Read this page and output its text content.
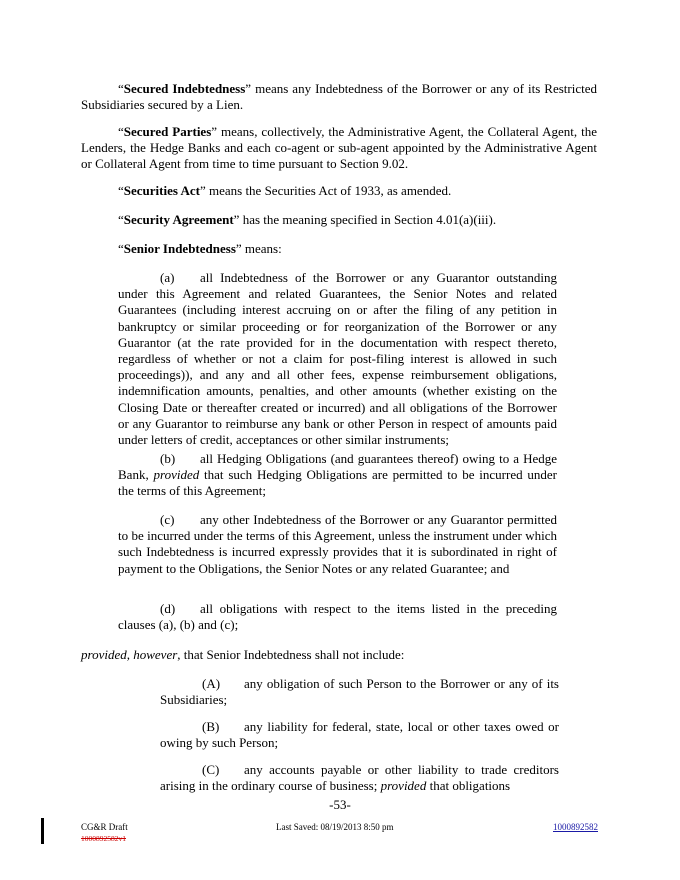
“Secured Indebtedness” means any Indebtedness of the Borrower or any of its Restricted Subsidiaries secured by a Lien.

“Secured Parties” means, collectively, the Administrative Agent, the Collateral Agent, the Lenders, the Hedge Banks and each co-agent or sub-agent appointed by the Administrative Agent or Collateral Agent from time to time pursuant to Section 9.02.

“Securities Act” means the Securities Act of 1933, as amended.

“Security Agreement” has the meaning specified in Section 4.01(a)(iii).

“Senior Indebtedness” means:

(a) all Indebtedness of the Borrower or any Guarantor outstanding under this Agreement and related Guarantees, the Senior Notes and related Guarantees (including interest accruing on or after the filing of any petition in bankruptcy or similar proceeding or for reorganization of the Borrower or any Guarantor (at the rate provided for in the documentation with respect thereto, regardless of whether or not a claim for post-filing interest is allowed in such proceedings)), and any and all other fees, expense reimbursement obligations, indemnification amounts, penalties, and other amounts (whether existing on the Closing Date or thereafter created or incurred) and all obligations of the Borrower or any Guarantor to reimburse any bank or other Person in respect of amounts paid under letters of credit, acceptances or other similar instruments;

(b) all Hedging Obligations (and guarantees thereof) owing to a Hedge Bank, provided that such Hedging Obligations are permitted to be incurred under the terms of this Agreement;

(c) any other Indebtedness of the Borrower or any Guarantor permitted to be incurred under the terms of this Agreement, unless the instrument under which such Indebtedness is incurred expressly provides that it is subordinated in right of payment to the Obligations, the Senior Notes or any related Guarantee; and

(d) all obligations with respect to the items listed in the preceding clauses (a), (b) and (c);

provided, however, that Senior Indebtedness shall not include:

(A) any obligation of such Person to the Borrower or any of its Subsidiaries;

(B) any liability for federal, state, local or other taxes owed or owing by such Person;

(C) any accounts payable or other liability to trade creditors arising in the ordinary course of business; provided that obligations

-53-
CG&R Draft
1000892582v1
Last Saved: 08/19/2013 8:50 pm	1000892582
